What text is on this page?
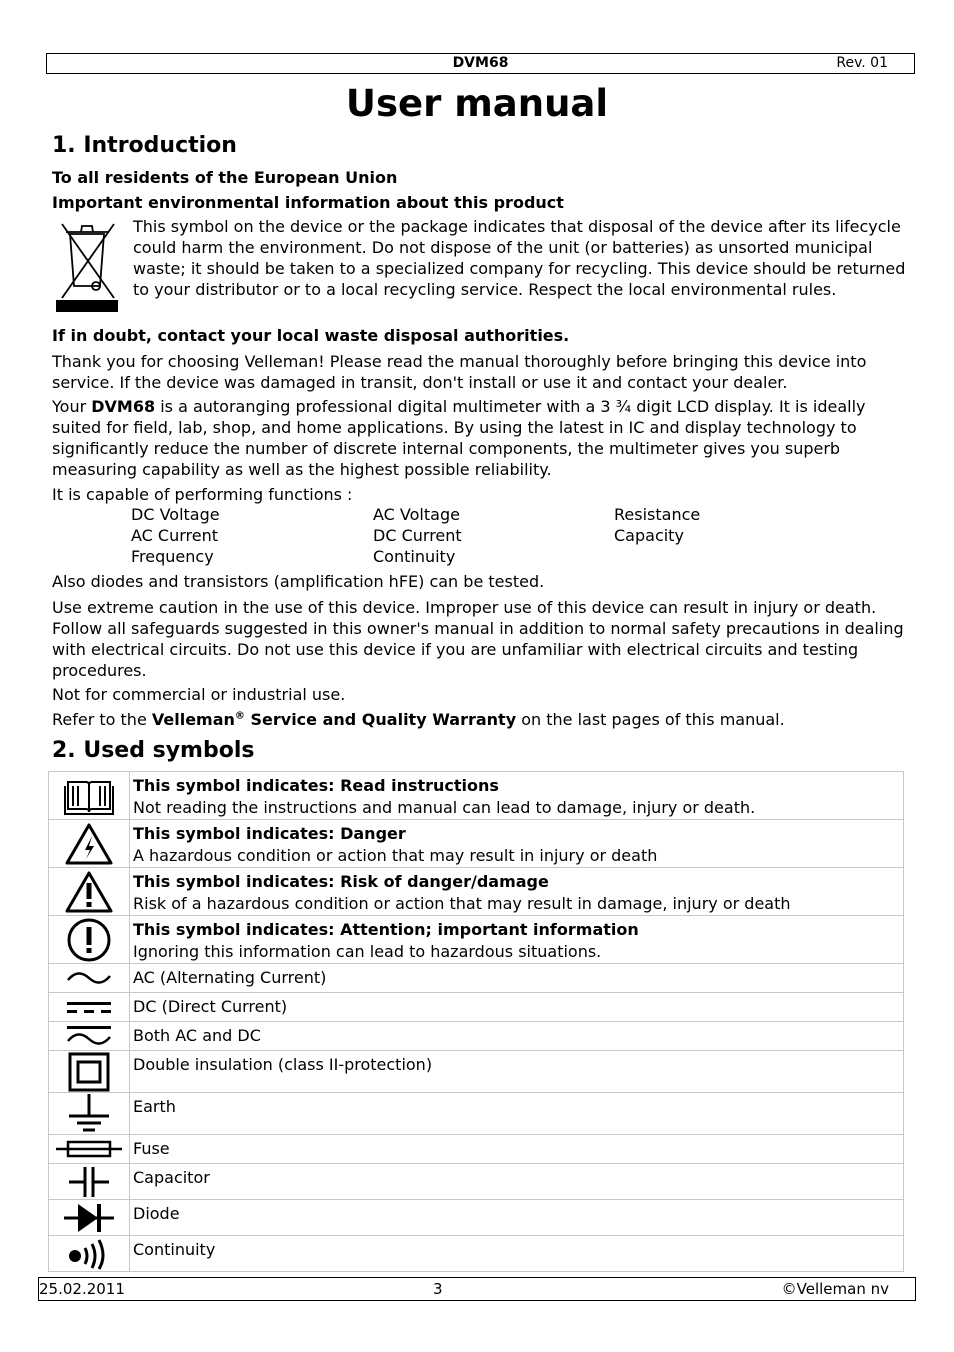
DVM68	Rev. 01
User manual
1. Introduction

To all residents of the European Union

Important environmental information about this product

This symbol on the device or the package indicates that disposal of the device after its lifecycle could harm the environment. Do not dispose of the unit (or batteries) as unsorted municipal waste; it should be taken to a specialized company for recycling. This device should be returned to your distributor or to a local recycling service. Respect the local environmental rules.

If in doubt, contact your local waste disposal authorities.

Thank you for choosing Velleman! Please read the manual thoroughly before bringing this device into service. If the device was damaged in transit, don't install or use it and contact your dealer.

Your DVM68 is a autoranging professional digital multimeter with a 3 ¾ digit LCD display. It is ideally suited for field, lab, shop, and home applications. By using the latest in IC and display technology to significantly reduce the number of discrete internal components, the multimeter gives you superb measuring capability as well as the highest possible reliability.

It is capable of performing functions :

DC Voltage	AC Voltage	Resistance
AC Current	DC Current	Capacity
Frequency	Continuity

Also diodes and transistors (amplification hFE) can be tested.

Use extreme caution in the use of this device. Improper use of this device can result in injury or death. Follow all safeguards suggested in this owner's manual in addition to normal safety precautions in dealing with electrical circuits. Do not use this device if you are unfamiliar with electrical circuits and testing procedures.

Not for commercial or industrial use.

Refer to the Velleman® Service and Quality Warranty on the last pages of this manual.

2. Used symbols

This symbol indicates: Read instructions
Not reading the instructions and manual can lead to damage, injury or death.

This symbol indicates: Danger
A hazardous condition or action that may result in injury or death

This symbol indicates: Risk of danger/damage
Risk of a hazardous condition or action that may result in damage, injury or death

This symbol indicates: Attention; important information
Ignoring this information can lead to hazardous situations.

AC (Alternating Current)

DC (Direct Current)

Both AC and DC

Double insulation (class II-protection)

Earth

Fuse

Capacitor

Diode

Continuity
25.02.2011	3	©Velleman nv
